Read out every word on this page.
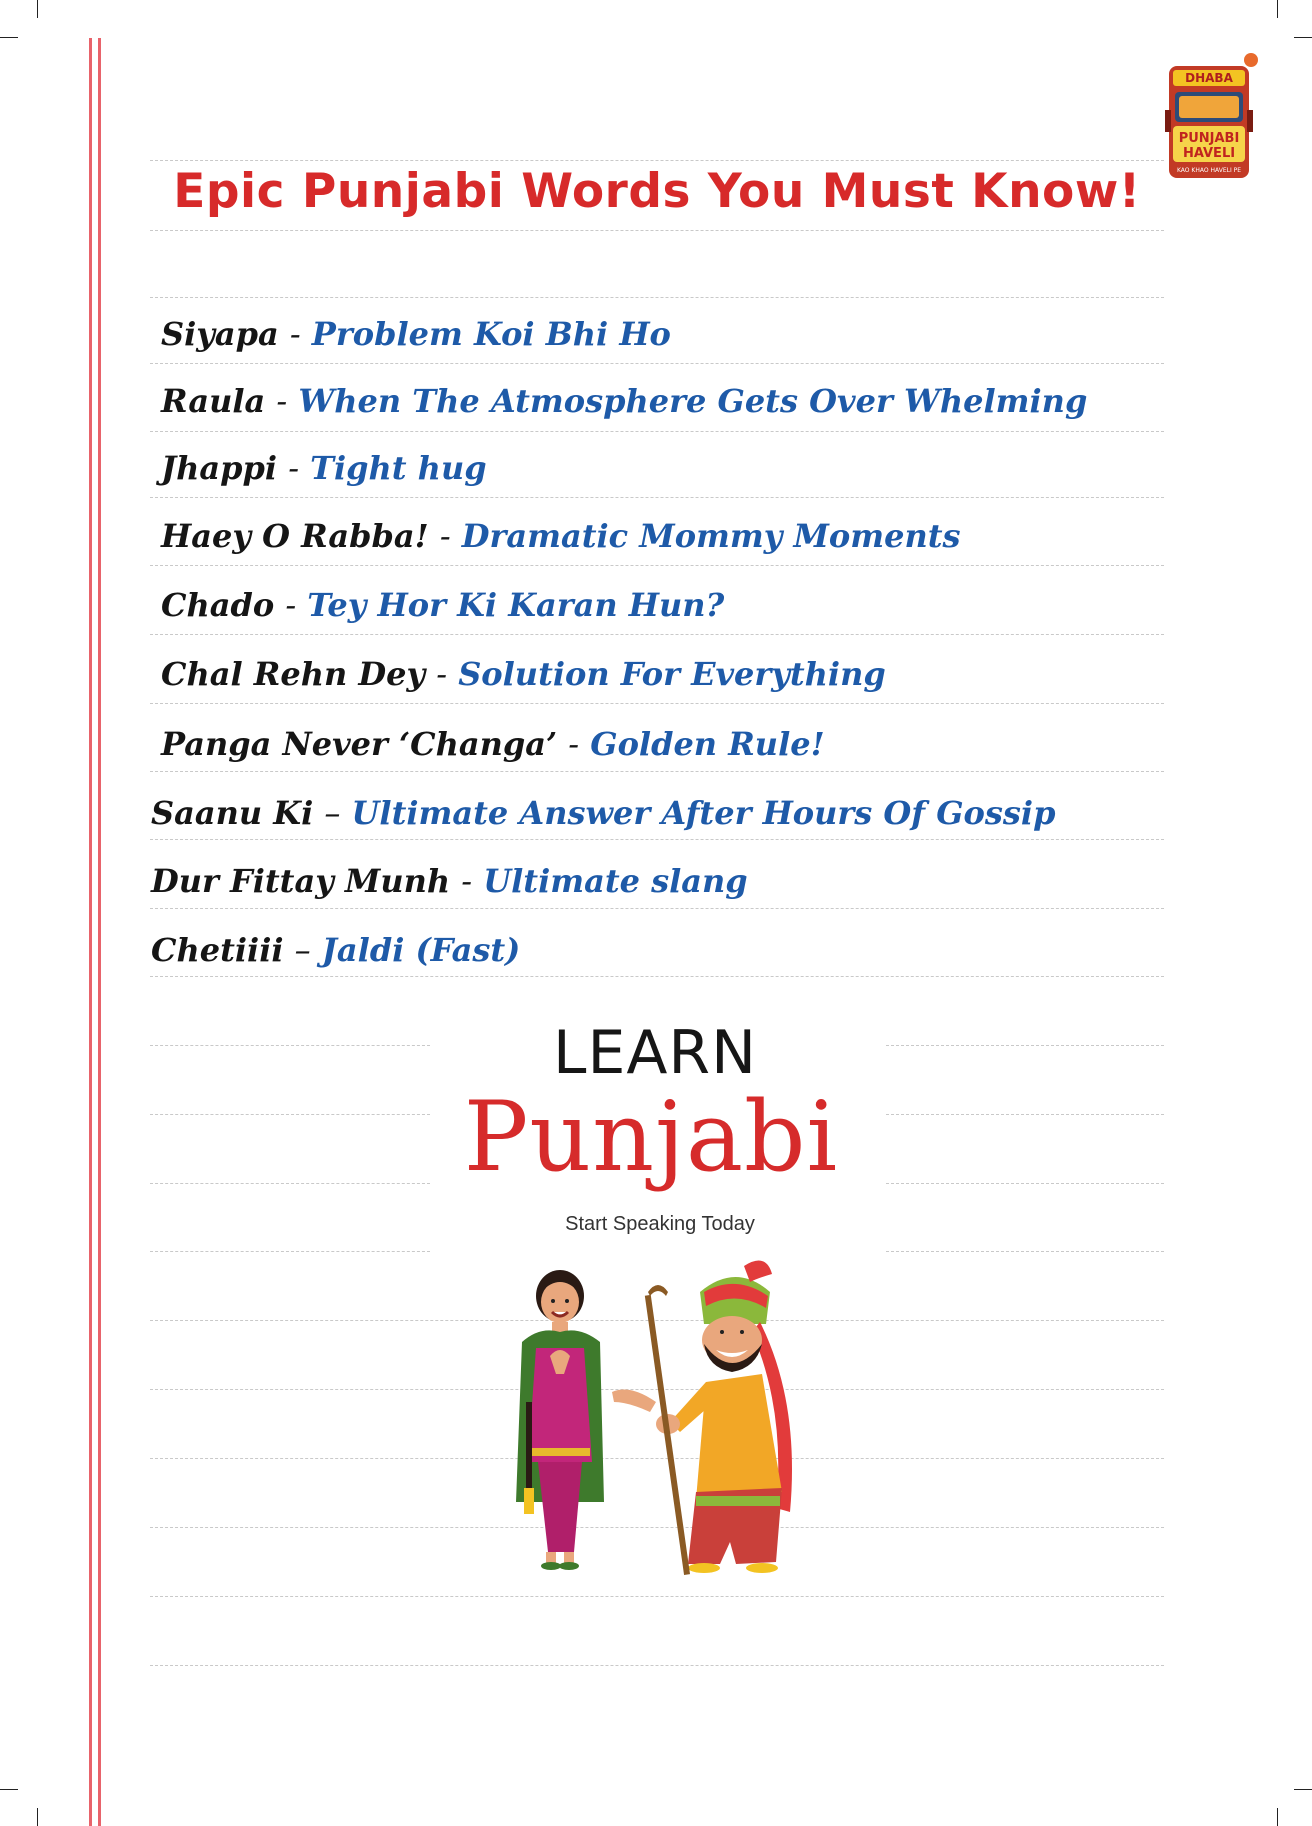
DHABA
PUNJABI
HAVELI
KAO KHAO HAVELI PE
Epic Punjabi Words You Must Know!
Siyapa - Problem Koi Bhi Ho
Raula - When The Atmosphere Gets Over Whelming
Jhappi - Tight hug
Haey O Rabba! - Dramatic Mommy Moments
Chado - Tey Hor Ki Karan Hun?
Chal Rehn Dey - Solution For Everything
Panga Never ‘Changa’ - Golden Rule!
Saanu Ki – Ultimate Answer After Hours Of Gossip
Dur Fittay Munh - Ultimate slang
Chetiiii – Jaldi (Fast)
LEARN
Punjabi
Start Speaking Today
